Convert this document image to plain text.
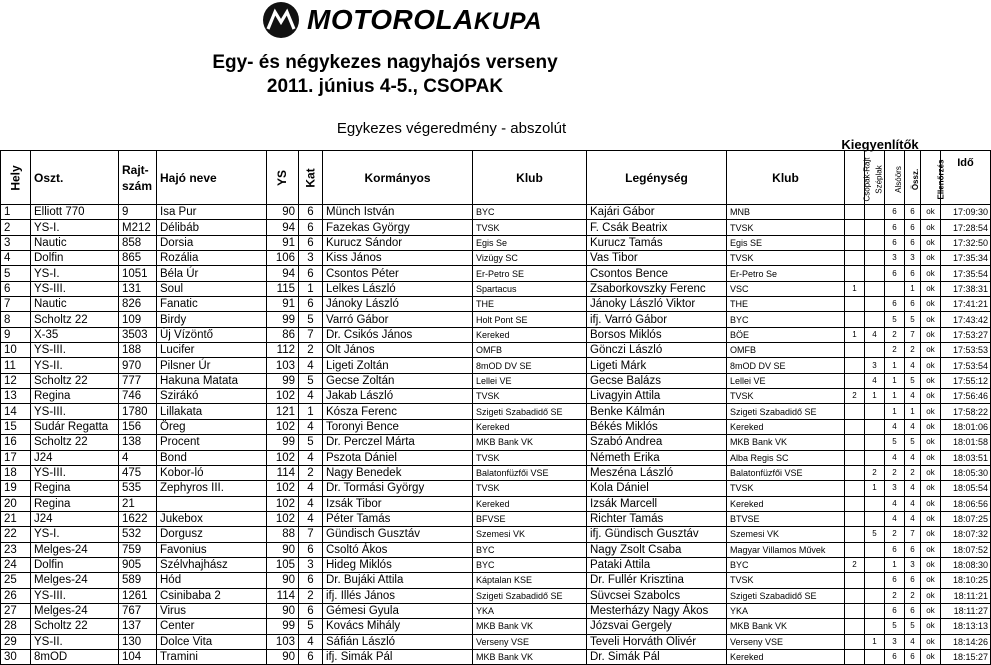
MOTOROLAKUPA
Egy- és négykezes nagyhajós verseny
2011. június 4-5., CSOPAK
Egykezes végeredmény - abszolút
Kiegyenlítők
Hely	Oszt.	Rajt-szám	Hajó neve	YS	Kat	Kormányos	Klub	Legénység	Klub	Csopak-Rajt	Széplak	Alsóörs	Össz.	Ellenőrzés	Idő
1	Elliott 770	9	Isa Pur	90	6	Münch István	BYC	Kajári Gábor	MNB			6	6	ok	17:09:30
2	YS-I.	M212	Délibáb	94	6	Fazekas György	TVSK	F. Csák Beatrix	TVSK			6	6	ok	17:28:54
3	Nautic	858	Dorsia	91	6	Kurucz Sándor	Egis Se	Kurucz Tamás	Egis SE			6	6	ok	17:32:50
4	Dolfin	865	Rozália	106	3	Kiss János	Vizügy SC	Vas Tibor	TVSK			3	3	ok	17:35:34
5	YS-I.	1051	Béla Úr	94	6	Csontos Péter	Er-Petro SE	Csontos Bence	Er-Petro Se			6	6	ok	17:35:54
6	YS-III.	131	Soul	115	1	Lelkes László	Spartacus	Zsaborkovszky Ferenc	VSC	1			1	ok	17:38:31
7	Nautic	826	Fanatic	91	6	Jánoky László	THE	Jánoky László Viktor	THE			6	6	ok	17:41:21
8	Scholtz 22	109	Birdy	99	5	Varró Gábor	Holt Pont SE	ifj. Varró Gábor	BYC			5	5	ok	17:43:42
9	X-35	3503	Új Vízöntő	86	7	Dr. Csikós János	Kereked	Borsos Miklós	BÖE	1	4	2	7	ok	17:53:27
10	YS-III.	188	Lucifer	112	2	Olt János	OMFB	Gönczi László	OMFB			2	2	ok	17:53:53
11	YS-II.	970	Pilsner Úr	103	4	Ligeti Zoltán	8mOD DV SE	Ligeti Márk	8mOD DV SE		3	1	4	ok	17:53:54
12	Scholtz 22	777	Hakuna Matata	99	5	Gecse Zoltán	Lellei VE	Gecse Balázs	Lellei VE		4	1	5	ok	17:55:12
13	Regina	746	Szirákó	102	4	Jakab László	TVSK	Livagyin Attila	TVSK	2	1	1	4	ok	17:56:46
14	YS-III.	1780	Lillakata	121	1	Kósza Ferenc	Szigeti Szabadidő SE	Benke Kálmán	Szigeti Szabadidő SE			1	1	ok	17:58:22
15	Sudár Regatta	156	Öreg	102	4	Toronyi Bence	Kereked	Békés Miklós	Kereked			4	4	ok	18:01:06
16	Scholtz 22	138	Procent	99	5	Dr. Perczel Márta	MKB Bank VK	Szabó Andrea	MKB Bank VK			5	5	ok	18:01:58
17	J24	4	Bond	102	4	Pszota Dániel	TVSK	Németh Erika	Alba Regis SC			4	4	ok	18:03:51
18	YS-III.	475	Kobor-ló	114	2	Nagy Benedek	Balatonfüzfői VSE	Meszéna László	Balatonfüzfői VSE		2	2	2	ok	18:05:30
19	Regina	535	Zephyros III.	102	4	Dr. Tormási György	TVSK	Kola Dániel	TVSK		1	3	4	ok	18:05:54
20	Regina	21		102	4	Izsák Tibor	Kereked	Izsák Marcell	Kereked			4	4	ok	18:06:56
21	J24	1622	Jukebox	102	4	Péter Tamás	BFVSE	Richter Tamás	BTVSE			4	4	ok	18:07:25
22	YS-I.	532	Dorgusz	88	7	Gündisch Gusztáv	Szemesi VK	ifj. Gündisch Gusztáv	Szemesi VK		5	2	7	ok	18:07:32
23	Melges-24	759	Favonius	90	6	Csoltó Ákos	BYC	Nagy Zsolt Csaba	Magyar Villamos Művek			6	6	ok	18:07:52
24	Dolfin	905	Szélvhajhász	105	3	Hideg Miklós	BYC	Pataki Attila	BYC	2		1	3	ok	18:08:30
25	Melges-24	589	Hód	90	6	Dr. Bujáki Attila	Káptalan KSE	Dr. Fullér Krisztina	TVSK			6	6	ok	18:10:25
26	YS-III.	1261	Csinibaba 2	114	2	ifj. Illés János	Szigeti Szabadidő SE	Süvcsei Szabolcs	Szigeti Szabadidő SE			2	2	ok	18:11:21
27	Melges-24	767	Virus	90	6	Gémesi Gyula	YKA	Mesterházy Nagy Ákos	YKA			6	6	ok	18:11:27
28	Scholtz 22	137	Center	99	5	Kovács Mihály	MKB Bank VK	Józsvai Gergely	MKB Bank VK			5	5	ok	18:13:13
29	YS-II.	130	Dolce Vita	103	4	Sáfián László	Verseny VSE	Teveli Horváth Olivér	Verseny VSE		1	3	4	ok	18:14:26
30	8mOD	104	Tramini	90	6	ifj. Simák Pál	MKB Bank VK	Dr. Simák Pál	Kereked			6	6	ok	18:15:27
